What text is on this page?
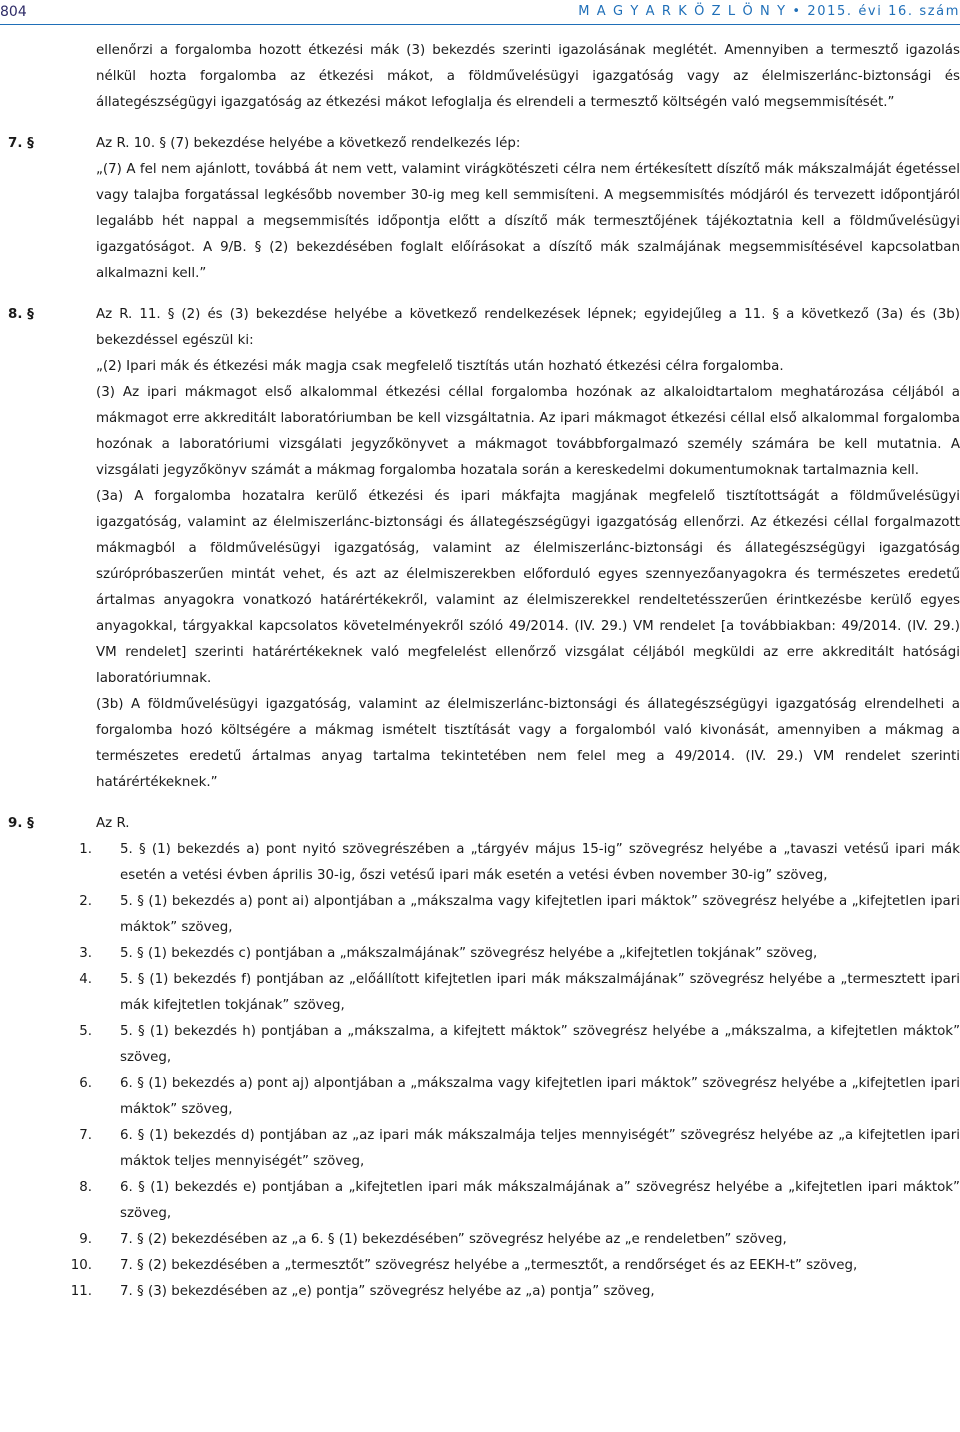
804	M A G Y A R K Ö Z L Ö N Y • 2015. évi 16. szám

ellenőrzi a forgalomba hozott étkezési mák (3) bekezdés szerinti igazolásának meglétét. Amennyiben a termesztő igazolás nélkül hozta forgalomba az étkezési mákot, a földművelésügyi igazgatóság vagy az élelmiszerlánc-biztonsági és állategészségügyi igazgatóság az étkezési mákot lefoglalja és elrendeli a termesztő költségén való megsemmisítését.”

7. §	Az R. 10. § (7) bekezdése helyébe a következő rendelkezés lép:

„(7) A fel nem ajánlott, továbbá át nem vett, valamint virágkötészeti célra nem értékesített díszítő mák mákszalmáját égetéssel vagy talajba forgatással legkésőbb november 30-ig meg kell semmisíteni. A megsemmisítés módjáról és tervezett időpontjáról legalább hét nappal a megsemmisítés időpontja előtt a díszítő mák termesztőjének tájékoztatnia kell a földművelésügyi igazgatóságot. A 9/B. § (2) bekezdésében foglalt előírásokat a díszítő mák szalmájának megsemmisítésével kapcsolatban alkalmazni kell.”

8. §	Az R. 11. § (2) és (3) bekezdése helyébe a következő rendelkezések lépnek; egyidejűleg a 11. § a következő (3a) és (3b) bekezdéssel egészül ki:

„(2) Ipari mák és étkezési mák magja csak megfelelő tisztítás után hozható étkezési célra forgalomba.

(3) Az ipari mákmagot első alkalommal étkezési céllal forgalomba hozónak az alkaloidtartalom meghatározása céljából a mákmagot erre akkreditált laboratóriumban be kell vizsgáltatnia. Az ipari mákmagot étkezési céllal első alkalommal forgalomba hozónak a laboratóriumi vizsgálati jegyzőkönyvet a mákmagot továbbforgalmazó személy számára be kell mutatnia. A vizsgálati jegyzőkönyv számát a mákmag forgalomba hozatala során a kereskedelmi dokumentumoknak tartalmaznia kell.

(3a) A forgalomba hozatalra kerülő étkezési és ipari mákfajta magjának megfelelő tisztítottságát a földművelésügyi igazgatóság, valamint az élelmiszerlánc-biztonsági és állategészségügyi igazgatóság ellenőrzi. Az étkezési céllal forgalmazott mákmagból a földművelésügyi igazgatóság, valamint az élelmiszerlánc-biztonsági és állategészségügyi igazgatóság szúrópróbaszerűen mintát vehet, és azt az élelmiszerekben előforduló egyes szennyezőanyagokra és természetes eredetű ártalmas anyagokra vonatkozó határértékekről, valamint az élelmiszerekkel rendeltetésszerűen érintkezésbe kerülő egyes anyagokkal, tárgyakkal kapcsolatos követelményekről szóló 49/2014. (IV. 29.) VM rendelet [a továbbiakban: 49/2014. (IV. 29.) VM rendelet] szerinti határértékeknek való megfelelést ellenőrző vizsgálat céljából megküldi az erre akkreditált hatósági laboratóriumnak.

(3b) A földművelésügyi igazgatóság, valamint az élelmiszerlánc-biztonsági és állategészségügyi igazgatóság elrendelheti a forgalomba hozó költségére a mákmag ismételt tisztítását vagy a forgalomból való kivonását, amennyiben a mákmag a természetes eredetű ártalmas anyag tartalma tekintetében nem felel meg a 49/2014. (IV. 29.) VM rendelet szerinti határértékeknek.”

9. §	Az R.

1.	5. § (1) bekezdés a) pont nyitó szövegrészében a „tárgyév május 15-ig” szövegrész helyébe a „tavaszi vetésű ipari mák esetén a vetési évben április 30-ig, őszi vetésű ipari mák esetén a vetési évben november 30-ig” szöveg,
2.	5. § (1) bekezdés a) pont ai) alpontjában a „mákszalma vagy kifejtetlen ipari máktok” szövegrész helyébe a „kifejtetlen ipari máktok” szöveg,
3.	5. § (1) bekezdés c) pontjában a „mákszalmájának” szövegrész helyébe a „kifejtetlen tokjának” szöveg,
4.	5. § (1) bekezdés f) pontjában az „előállított kifejtetlen ipari mák mákszalmájának” szövegrész helyébe a „termesztett ipari mák kifejtetlen tokjának” szöveg,
5.	5. § (1) bekezdés h) pontjában a „mákszalma, a kifejtett máktok” szövegrész helyébe a „mákszalma, a kifejtetlen máktok” szöveg,
6.	6. § (1) bekezdés a) pont aj) alpontjában a „mákszalma vagy kifejtetlen ipari máktok” szövegrész helyébe a „kifejtetlen ipari máktok” szöveg,
7.	6. § (1) bekezdés d) pontjában az „az ipari mák mákszalmája teljes mennyiségét” szövegrész helyébe az „a kifejtetlen ipari máktok teljes mennyiségét” szöveg,
8.	6. § (1) bekezdés e) pontjában a „kifejtetlen ipari mák mákszalmájának a” szövegrész helyébe a „kifejtetlen ipari máktok” szöveg,
9.	7. § (2) bekezdésében az „a 6. § (1) bekezdésében” szövegrész helyébe az „e rendeletben” szöveg,
10.	7. § (2) bekezdésében a „termesztőt” szövegrész helyébe a „termesztőt, a rendőrséget és az EEKH-t” szöveg,
11.	7. § (3) bekezdésében az „e) pontja” szövegrész helyébe az „a) pontja” szöveg,
